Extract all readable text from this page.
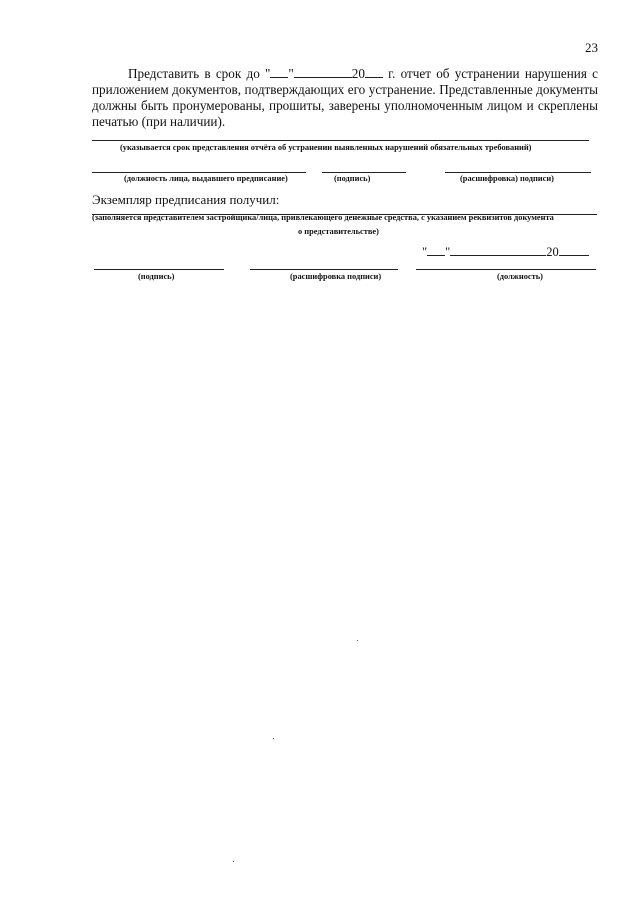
23

Представить в срок до " "	20 г. отчет об устранении нарушения с приложением документов, подтверждающих его устранение. Представленные документы должны быть пронумерованы, прошиты, заверены уполномоченным лицом и скреплены печатью (при наличии).

(указывается срок представления отчёта об устранении выявленных нарушений обязательных требований)
(должность лица, выдавшего предписание)	(подпись)	(расшифровка) подписи)
Экземпляр предписания получил:
(заполняется представителем застройщика/лица, привлекающего денежные средства, с указанием реквизитов документа
о представительстве)
" "	20
(подпись)	(расшифровка подписи)	(должность)
